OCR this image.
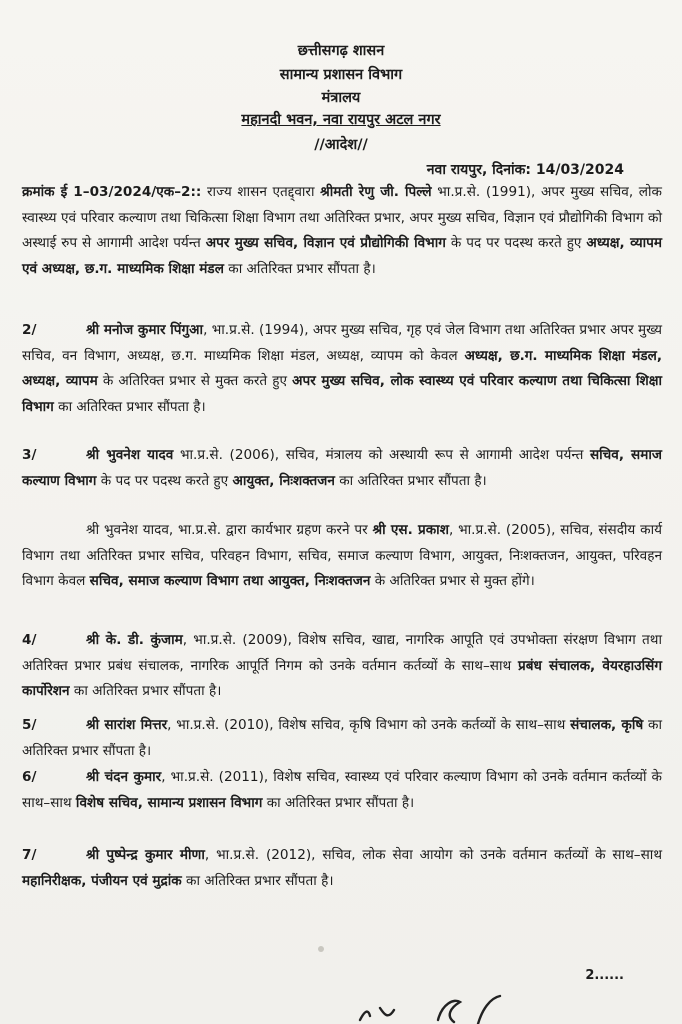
छत्तीसगढ़ शासन
सामान्य प्रशासन विभाग
मंत्रालय
महानदी भवन, नवा रायपुर अटल नगर
//आदेश//
नवा रायपुर, दिनांक: 14/03/2024
क्रमांक ई 1–03/2024/एक–2:: राज्य शासन एतद्द्वारा श्रीमती रेणु जी. पिल्ले भा.प्र.से. (1991), अपर मुख्य सचिव, लोक स्वास्थ्य एवं परिवार कल्याण तथा चिकित्सा शिक्षा विभाग तथा अतिरिक्त प्रभार, अपर मुख्य सचिव, विज्ञान एवं प्रौद्योगिकी विभाग को अस्थाई रुप से आगामी आदेश पर्यन्त अपर मुख्य सचिव, विज्ञान एवं प्रौद्योगिकी विभाग के पद पर पदस्थ करते हुए अध्यक्ष, व्यापम एवं अध्यक्ष, छ.ग. माध्यमिक शिक्षा मंडल का अतिरिक्त प्रभार सौंपता है।
2/	श्री मनोज कुमार पिंगुआ, भा.प्र.से. (1994), अपर मुख्य सचिव, गृह एवं जेल विभाग तथा अतिरिक्त प्रभार अपर मुख्य सचिव, वन विभाग, अध्यक्ष, छ.ग. माध्यमिक शिक्षा मंडल, अध्यक्ष, व्यापम को केवल अध्यक्ष, छ.ग. माध्यमिक शिक्षा मंडल, अध्यक्ष, व्यापम के अतिरिक्त प्रभार से मुक्त करते हुए अपर मुख्य सचिव, लोक स्वास्थ्य एवं परिवार कल्याण तथा चिकित्सा शिक्षा विभाग का अतिरिक्त प्रभार सौंपता है।
3/	श्री भुवनेश यादव भा.प्र.से. (2006), सचिव, मंत्रालय को अस्थायी रूप से आगामी आदेश पर्यन्त सचिव, समाज कल्याण विभाग के पद पर पदस्थ करते हुए आयुक्त, निःशक्तजन का अतिरिक्त प्रभार सौंपता है।
श्री भुवनेश यादव, भा.प्र.से. द्वारा कार्यभार ग्रहण करने पर श्री एस. प्रकाश, भा.प्र.से. (2005), सचिव, संसदीय कार्य विभाग तथा अतिरिक्त प्रभार सचिव, परिवहन विभाग, सचिव, समाज कल्याण विभाग, आयुक्त, निःशक्तजन, आयुक्त, परिवहन विभाग केवल सचिव, समाज कल्याण विभाग तथा आयुक्त, निःशक्तजन के अतिरिक्त प्रभार से मुक्त होंगे।
4/	श्री के. डी. कुंजाम, भा.प्र.से. (2009), विशेष सचिव, खाद्य, नागरिक आपूति एवं उपभोक्ता संरक्षण विभाग तथा अतिरिक्त प्रभार प्रबंध संचालक, नागरिक आपूर्ति निगम को उनके वर्तमान कर्तव्यों के साथ–साथ प्रबंध संचालक, वेयरहाउसिंग कार्पोरेशन का अतिरिक्त प्रभार सौंपता है।
5/	श्री सारांश मित्तर, भा.प्र.से. (2010), विशेष सचिव, कृषि विभाग को उनके कर्तव्यों के साथ–साथ संचालक, कृषि का अतिरिक्त प्रभार सौंपता है।
6/	श्री चंदन कुमार, भा.प्र.से. (2011), विशेष सचिव, स्वास्थ्य एवं परिवार कल्याण विभाग को उनके वर्तमान कर्तव्यों के साथ–साथ विशेष सचिव, सामान्य प्रशासन विभाग का अतिरिक्त प्रभार सौंपता है।
7/	श्री पुष्पेन्द्र कुमार मीणा, भा.प्र.से. (2012), सचिव, लोक सेवा आयोग को उनके वर्तमान कर्तव्यों के साथ–साथ महानिरीक्षक, पंजीयन एवं मुद्रांक का अतिरिक्त प्रभार सौंपता है।
2......
